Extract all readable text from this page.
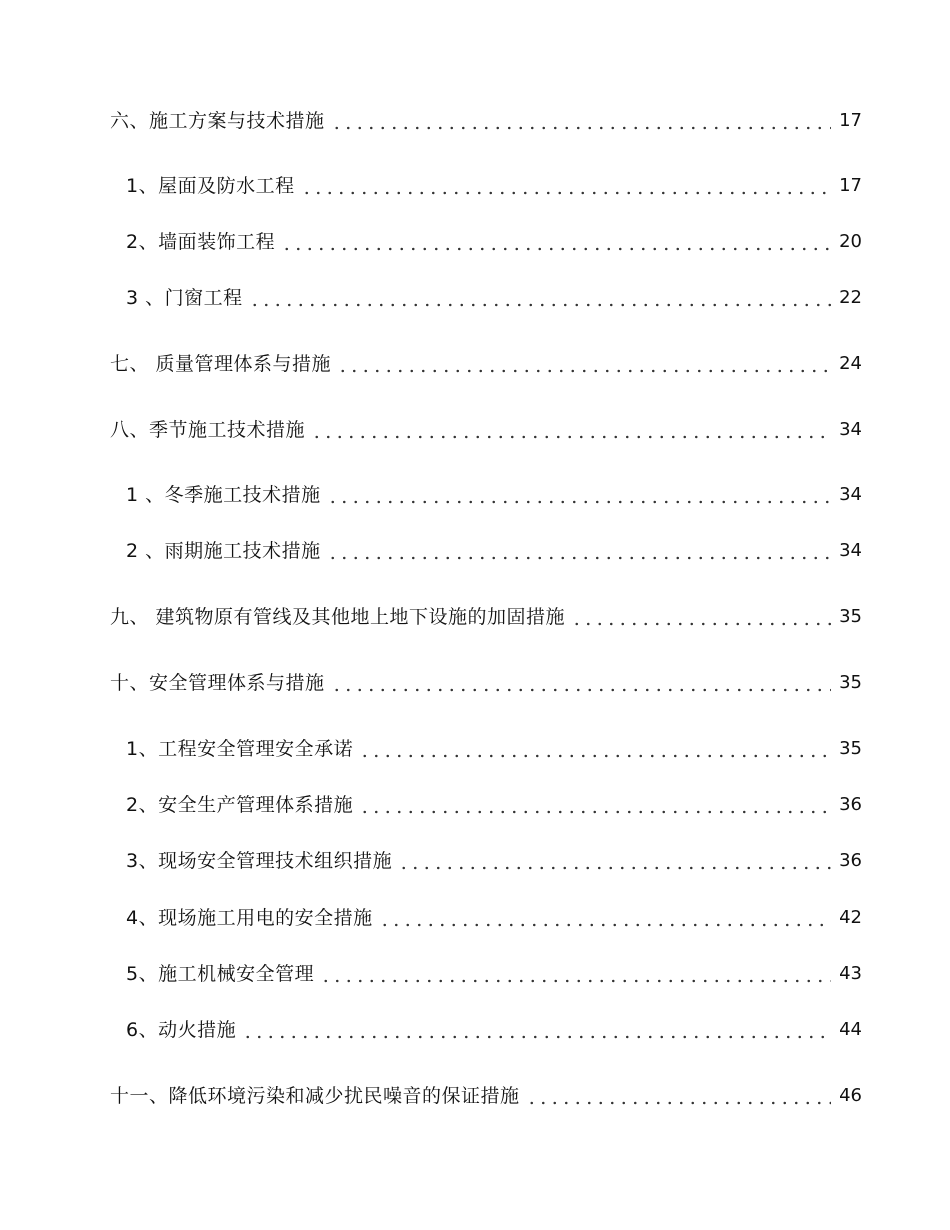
六、施工方案与技术措施	17
1、屋面及防水工程	17
2、墙面装饰工程	20
3 、门窗工程	22
七、 质量管理体系与措施	24
八、季节施工技术措施	34
1 、冬季施工技术措施	34
2 、雨期施工技术措施	34
九、 建筑物原有管线及其他地上地下设施的加固措施	35
十、安全管理体系与措施	35
1、工程安全管理安全承诺	35
2、安全生产管理体系措施	36
3、现场安全管理技术组织措施	36
4、现场施工用电的安全措施	42
5、施工机械安全管理	43
6、动火措施	44
十一、降低环境污染和减少扰民噪音的保证措施	46
